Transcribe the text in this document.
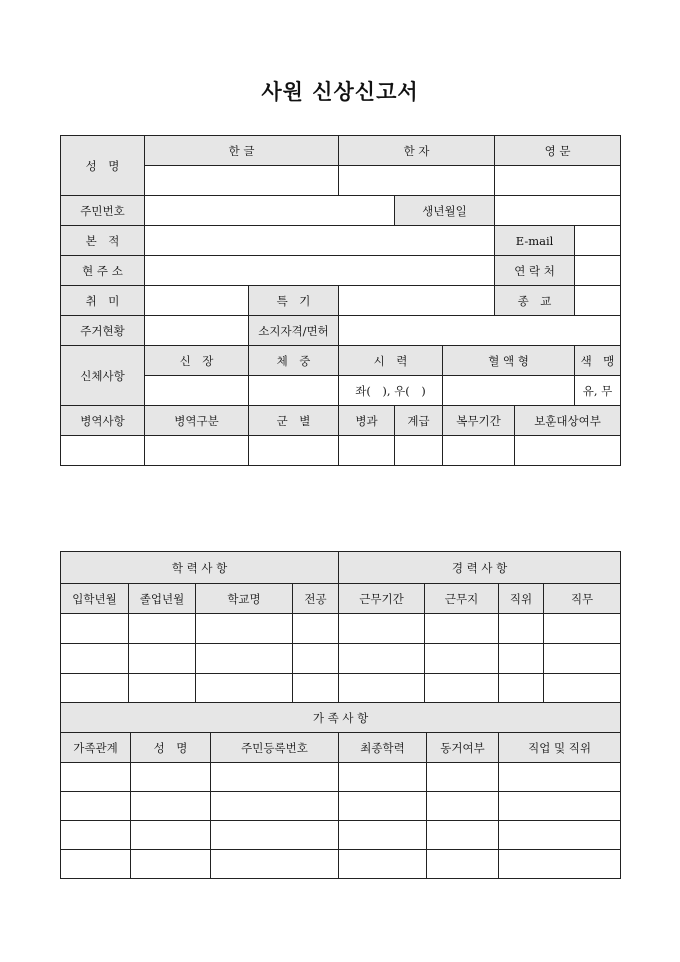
사원 신상신고서
성　명	한 글		한 자			영 문		

주민번호				생년월일				
본　적						E-mail		
현 주 소						연 락 처		
취　미		특　기				종　교		
주거현황		소지자격/면허						
신체사항	신　장	체　중	시　력		혈 액 형			색　맹
			좌(　), 우(　)					유, 무
병역사항	병역구분	군　별	병과	계급	복무기간		보훈대상여부	

학 력 사 항				경 력 사 항			
입학년월	졸업년월	학교명	전공	근무기간	근무지	직위	직무

가 족 사 항					
가족관계	성　명	주민등록번호	최종학력	동거여부	직업 및 직위
